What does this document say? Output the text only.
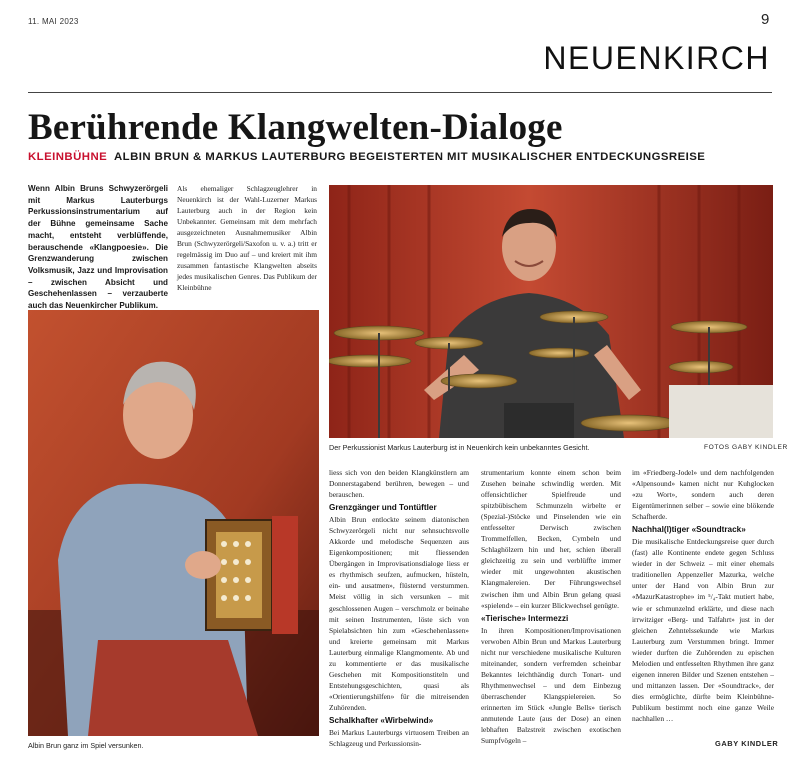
11. MAI 2023	9
NEUENKIRCH
Berührende Klangwelten-Dialoge
KLEINBÜHNE ALBIN BRUN & MARKUS LAUTERBURG BEGEISTERTEN MIT MUSIKALISCHER ENTDECKUNGSREISE
Wenn Albin Bruns Schwyzerörgeli mit Markus Lauterburgs Perkussionsinstrumentarium auf der Bühne gemeinsame Sache macht, entsteht verblüffende, berauschende «Klangpoesie». Die Grenzwanderung zwischen Volksmusik, Jazz und Improvisation – zwischen Absicht und Geschehenlassen – verzauberte auch das Neuenkircher Publikum.

Als ehemaliger Schlagzeuglehrer in Neuenkirch ist der Wahl-Luzerner Markus Lauterburg auch in der Region kein Unbekannter. Gemeinsam mit dem mehrfach ausgezeichneten Ausnahmemusiker Albin Brun (Schwyzerörgeli/Saxofon u. v. a.) tritt er regelmässig im Duo auf – und kreiert mit ihm zusammen fantastische Klangwelten abseits jedes musikalischen Genres. Das Publikum der Kleinbühne

Der Perkussionist Markus Lauterburg ist in Neuenkirch kein unbekanntes Gesicht.	FOTOS GABY KINDLER
Albin Brun ganz im Spiel versunken.

liess sich von den beiden Klangkünstlern am Donnerstagabend berühren, bewegen – und berauschen.

Grenzgänger und Tontüftler

Albin Brun entlockte seinem diatonischen Schwyzerörgeli nicht nur sehnsuchtsvolle Akkorde und melodische Sequenzen aus Eigenkompositionen; mit fliessenden Übergängen in Improvisationsdialoge liess er es rhythmisch seufzen, aufmucken, hüsteln, ein- und ausatmen», flüsternd verstummen. Meist völlig in sich versunken – mit geschlossenen Augen – verschmolz er beinahe mit seinen Instrumenten, löste sich von Spielabsichten hin zum «Geschehenlassen» und kreierte gemeinsam mit Markus Lauterburg einmalige Klangmomente. Ab und zu kommentierte er das musikalische Geschehen mit Kompositionstiteln und Entstehungsgeschichten, quasi als «Orientierungshilfen» für die mitreisenden Zuhörenden.

Schalkhafter «Wirbelwind»

Bei Markus Lauterburgs virtuosem Treiben an Schlagzeug und Perkussionsin-

strumentarium konnte einem schon beim Zusehen beinahe schwindlig werden. Mit offensichtlicher Spielfreude und spitzbübischem Schmunzeln wirbelte er (Spezial-)Stöcke und Pinselenden wie ein entfesselter Derwisch zwischen Trommelfellen, Becken, Cymbeln und Schlaghölzern hin und her, schien überall gleichzeitig zu sein und verblüffte immer wieder mit ungewohnten akustischen Klangmalereien. Der Führungswechsel zwischen ihm und Albin Brun gelang quasi «spielend» – ein kurzer Blickwechsel genügte.

«Tierische» Intermezzi

In ihren Kompositionen/Improvisationen verwoben Albin Brun und Markus Lauterburg nicht nur verschiedene musikalische Kulturen miteinander, sondern verfremden scheinbar Bekanntes leichthändig durch Tonart- und Rhythmenwechsel – und dem Einbezug überraschender Klangspielereien. So erinnerten im Stück «Jungle Bells» tierisch anmutende Laute (aus der Dose) an einen lebhaften Balzstreit zwischen exotischen Sumpfvögeln –

im «Friedberg-Jodel» und dem nachfolgenden «Alpensound» kamen nicht nur Kuhglocken «zu Wort», sondern auch deren Eigentümerinnen selber – sowie eine blökende Schafherde.

Nachhal(l)tiger «Soundtrack»

Die musikalische Entdeckungsreise quer durch (fast) alle Kontinente endete gegen Schluss wieder in der Schweiz – mit einer ehemals traditionellen Appenzeller Mazurka, welche unter der Hand von Albin Brun zur «MazurKatastrophe» im ⁵/₄-Takt mutiert habe, wie er schmunzelnd erklärte, und diese nach irrwitziger «Berg- und Talfahrt» just in der gleichen Zehntelssekunde wie Markus Lauterburg zum Verstummen bringt. Immer wieder durften die Zuhörenden zu epischen Melodien und entfesselten Rhythmen ihre ganz eigenen inneren Bilder und Szenen entstehen – und mittanzen lassen. Der «Soundtrack», der dies ermöglichte, dürfte beim Kleinbühne-Publikum bestimmt noch eine ganze Weile nachhallen …

GABY KINDLER
